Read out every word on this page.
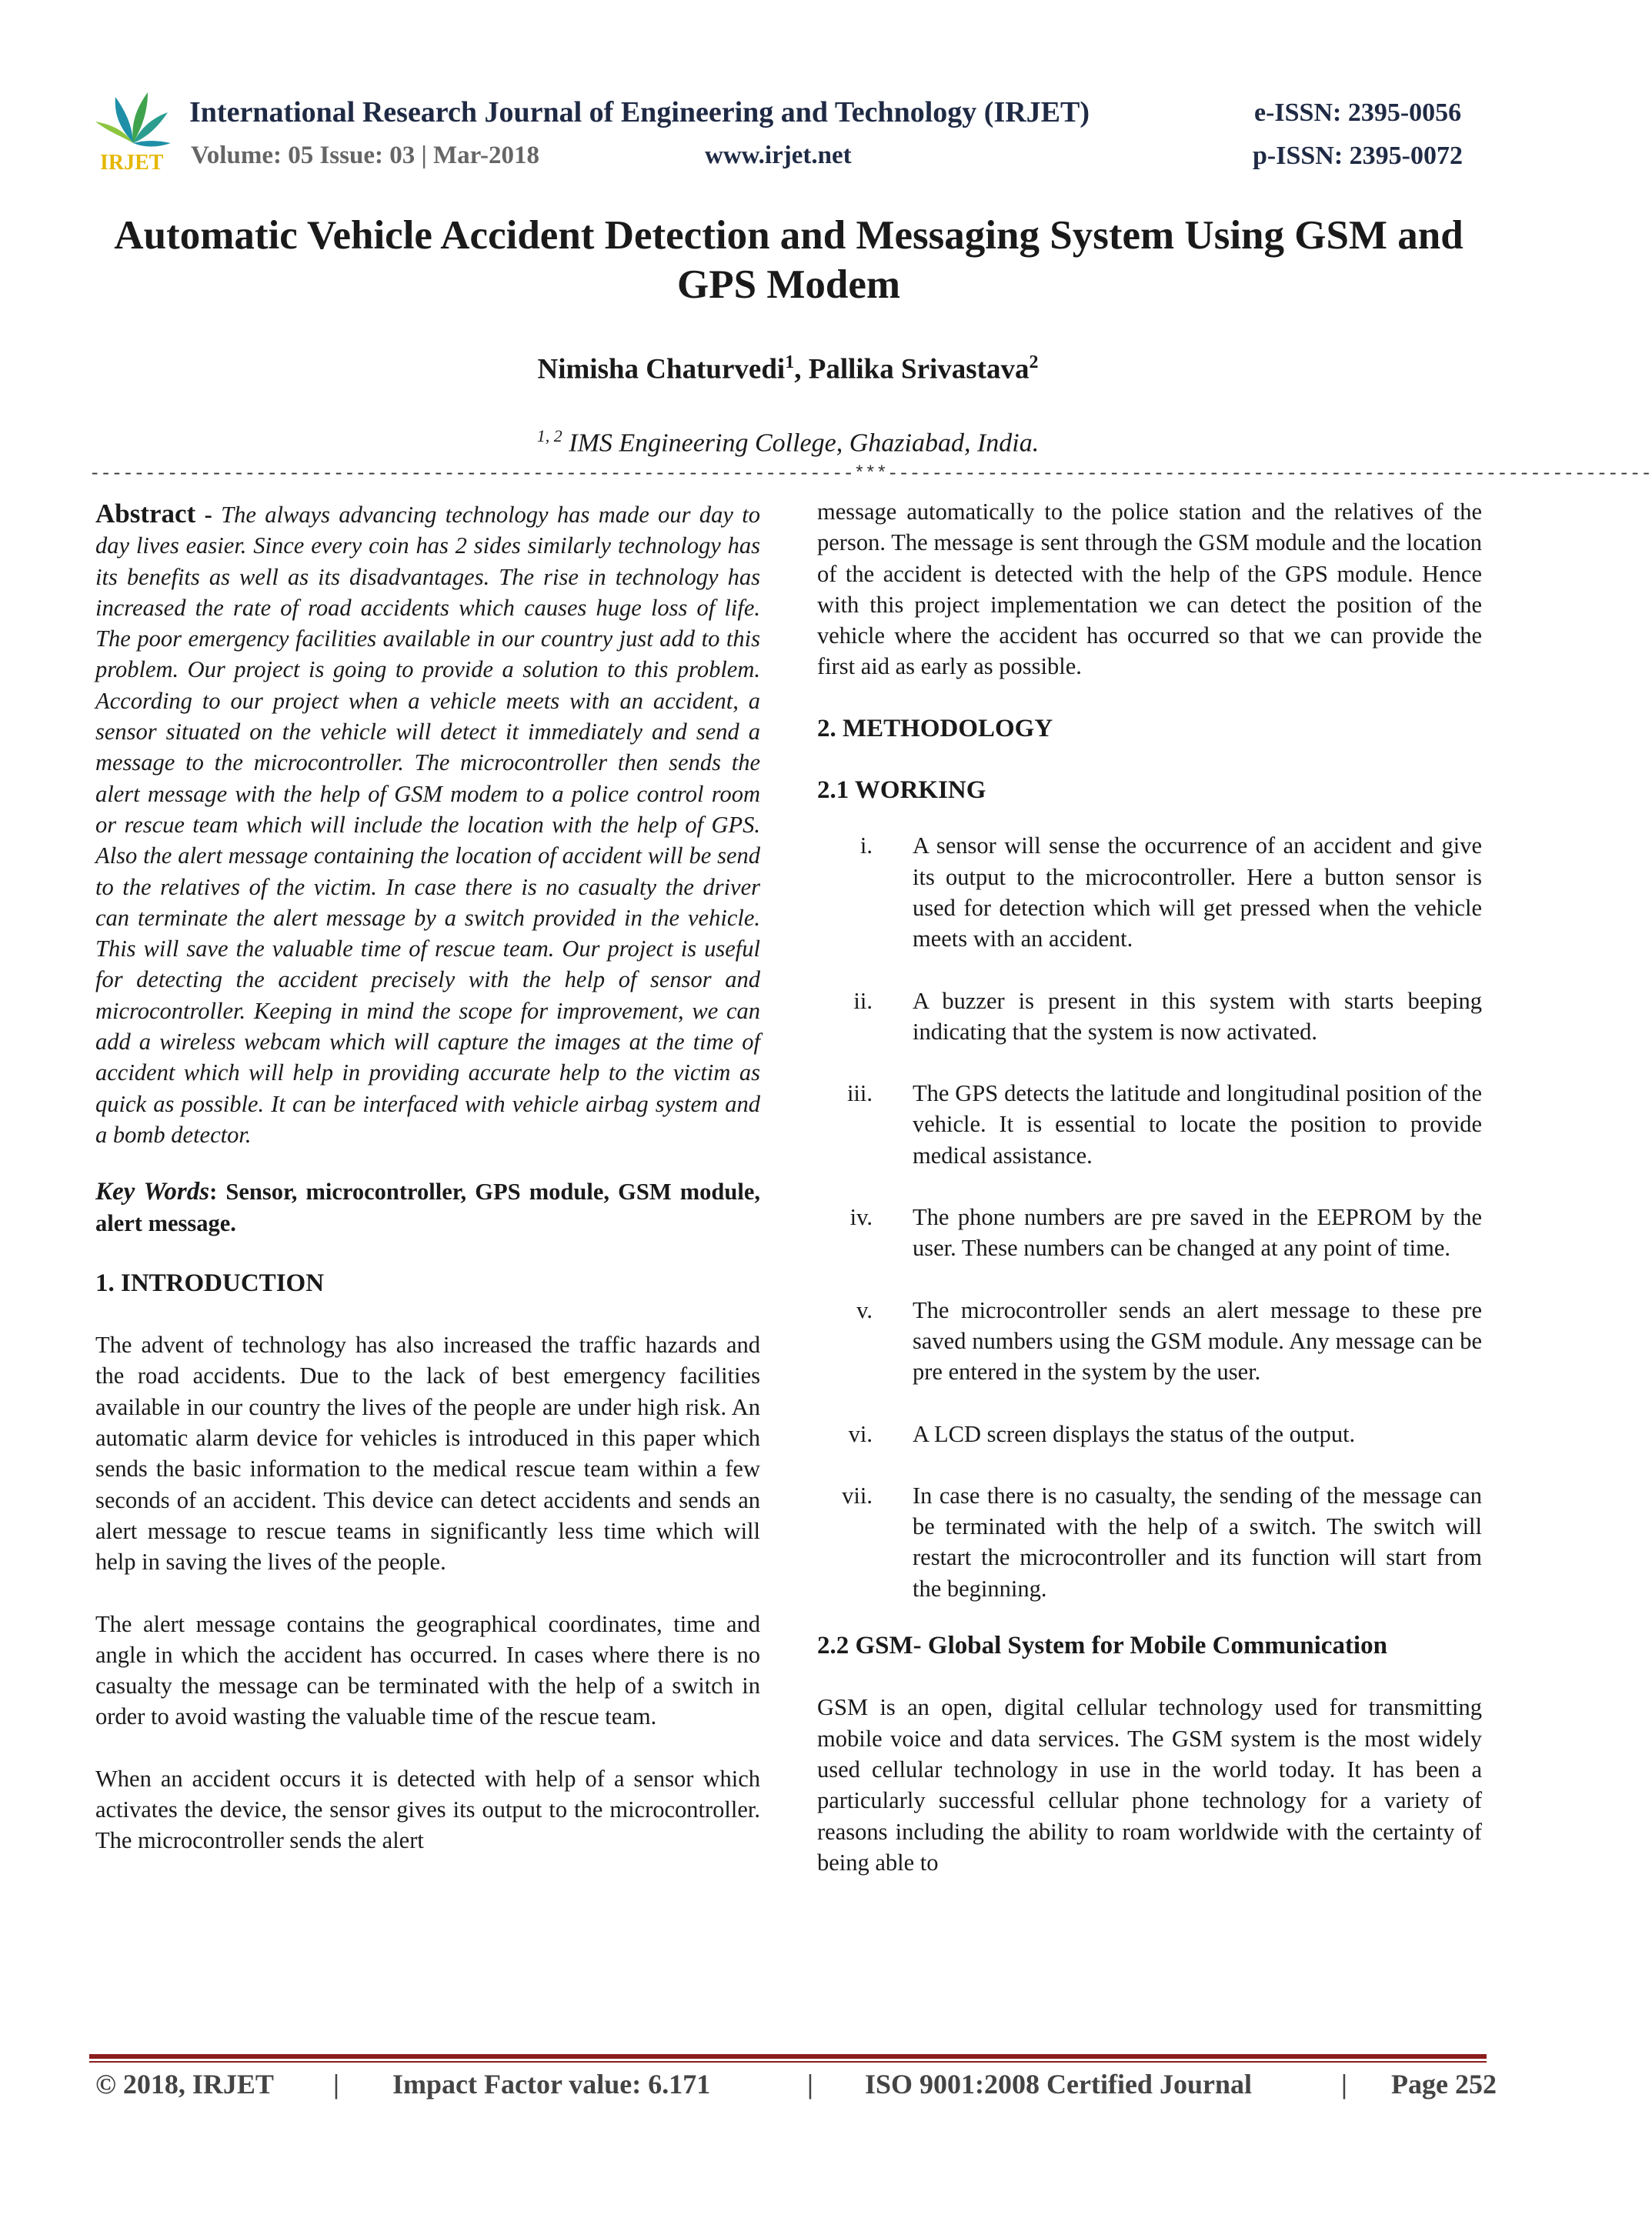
IRJET
International Research Journal of Engineering and Technology (IRJET)	e-ISSN: 2395-0056
Volume: 05 Issue: 03 | Mar-2018	www.irjet.net	p-ISSN: 2395-0072
Automatic Vehicle Accident Detection and Messaging System Using GSM and GPS Modem
Nimisha Chaturvedi$^1$, Pallika Srivastava$^2$
$^{1, 2}$ IMS Engineering College, Ghaziabad, India.
---------------------------------------------------------------------***---------------------------------------------------------------------

Abstract - The always advancing technology has made our day to day lives easier. Since every coin has 2 sides similarly technology has its benefits as well as its disadvantages. The rise in technology has increased the rate of road accidents which causes huge loss of life. The poor emergency facilities available in our country just add to this problem. Our project is going to provide a solution to this problem. According to our project when a vehicle meets with an accident, a sensor situated on the vehicle will detect it immediately and send a message to the microcontroller. The microcontroller then sends the alert message with the help of GSM modem to a police control room or rescue team which will include the location with the help of GPS. Also the alert message containing the location of accident will be send to the relatives of the victim. In case there is no casualty the driver can terminate the alert message by a switch provided in the vehicle. This will save the valuable time of rescue team. Our project is useful for detecting the accident precisely with the help of sensor and microcontroller. Keeping in mind the scope for improvement, we can add a wireless webcam which will capture the images at the time of accident which will help in providing accurate help to the victim as quick as possible. It can be interfaced with vehicle airbag system and a bomb detector.

Key Words: Sensor, microcontroller, GPS module, GSM module, alert message.

1. INTRODUCTION

The advent of technology has also increased the traffic hazards and the road accidents. Due to the lack of best emergency facilities available in our country the lives of the people are under high risk. An automatic alarm device for vehicles is introduced in this paper which sends the basic information to the medical rescue team within a few seconds of an accident. This device can detect accidents and sends an alert message to rescue teams in significantly less time which will help in saving the lives of the people.

The alert message contains the geographical coordinates, time and angle in which the accident has occurred. In cases where there is no casualty the message can be terminated with the help of a switch in order to avoid wasting the valuable time of the rescue team.

When an accident occurs it is detected with help of a sensor which activates the device, the sensor gives its output to the microcontroller. The microcontroller sends the alert

message automatically to the police station and the relatives of the person. The message is sent through the GSM module and the location of the accident is detected with the help of the GPS module. Hence with this project implementation we can detect the position of the vehicle where the accident has occurred so that we can provide the first aid as early as possible.

2. METHODOLOGY

2.1 WORKING

i.	A sensor will sense the occurrence of an accident and give its output to the microcontroller. Here a button sensor is used for detection which will get pressed when the vehicle meets with an accident.
ii.	A buzzer is present in this system with starts beeping indicating that the system is now activated.
iii.	The GPS detects the latitude and longitudinal position of the vehicle. It is essential to locate the position to provide medical assistance.
iv.	The phone numbers are pre saved in the EEPROM by the user. These numbers can be changed at any point of time.
v.	The microcontroller sends an alert message to these pre saved numbers using the GSM module. Any message can be pre entered in the system by the user.
vi.	A LCD screen displays the status of the output.
vii.	In case there is no casualty, the sending of the message can be terminated with the help of a switch. The switch will restart the microcontroller and its function will start from the beginning.

2.2 GSM- Global System for Mobile Communication

GSM is an open, digital cellular technology used for transmitting mobile voice and data services. The GSM system is the most widely used cellular technology in use in the world today. It has been a particularly successful cellular phone technology for a variety of reasons including the ability to roam worldwide with the certainty of being able to

© 2018, IRJET | Impact Factor value: 6.171	| ISO 9001:2008 Certified Journal	| Page 252
